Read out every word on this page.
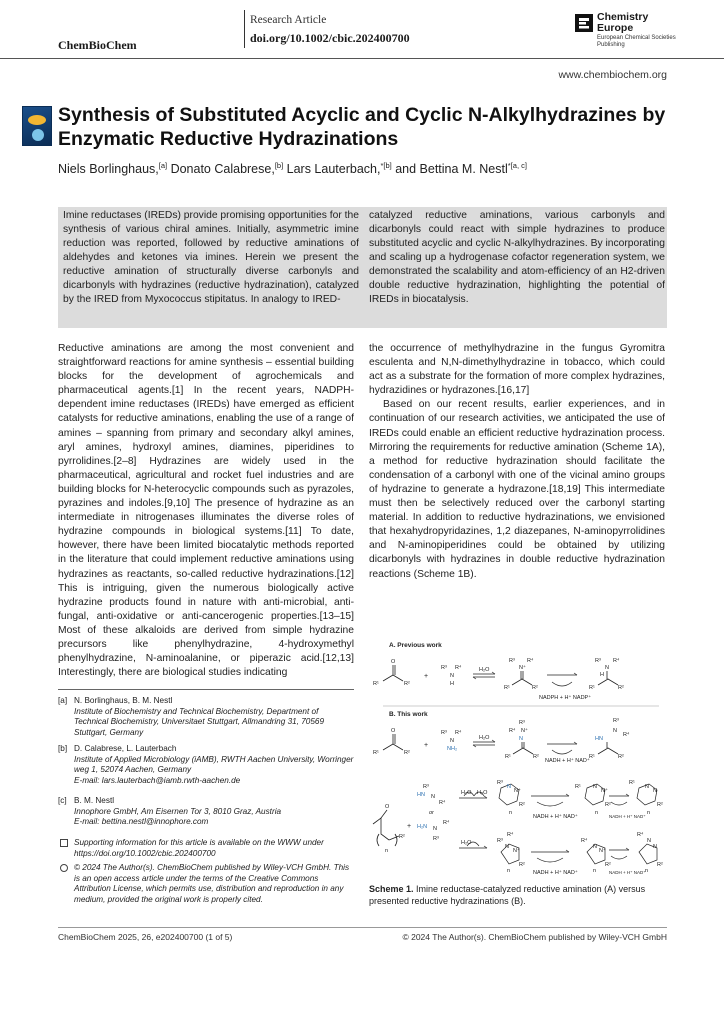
ChemBioChem
Research Article
doi.org/10.1002/cbic.202400700
Chemistry Europe
European Chemical Societies Publishing
www.chembiochem.org
Synthesis of Substituted Acyclic and Cyclic N-Alkylhydrazines by Enzymatic Reductive Hydrazinations
Niels Borlinghaus,[a] Donato Calabrese,[b] Lars Lauterbach,$^{*[b]}$ and Bettina M. Nestl$^{*[a, c]}$
Imine reductases (IREDs) provide promising opportunities for the synthesis of various chiral amines. Initially, asymmetric imine reduction was reported, followed by reductive aminations of aldehydes and ketones via imines. Herein we present the reductive amination of structurally diverse carbonyls and dicarbonyls with hydrazines (reductive hydrazination), catalyzed by the IRED from Myxococcus stipitatus. In analogy to IRED-
catalyzed reductive aminations, various carbonyls and dicarbonyls could react with simple hydrazines to produce substituted acyclic and cyclic N-alkylhydrazines. By incorporating and scaling up a hydrogenase cofactor regeneration system, we demonstrated the scalability and atom-efficiency of an H2-driven double reductive hydrazination, highlighting the potential of IREDs in biocatalysis.

Reductive aminations are among the most convenient and straightforward reactions for amine synthesis – essential building blocks for the development of agrochemicals and pharmaceutical agents.[1] In the recent years, NADPH-dependent imine reductases (IREDs) have emerged as efficient catalysts for reductive aminations, enabling the use of a range of amines – spanning from primary and secondary alkyl amines, aryl amines, hydroxyl amines, diamines, piperidines to pyrrolidines.[2–8] Hydrazines are widely used in the pharmaceutical, agricultural and rocket fuel industries and are building blocks for N-heterocyclic compounds such as pyrazoles, pyrazines and indoles.[9,10] The presence of hydrazine as an intermediate in nitrogenases illuminates the diverse roles of hydrazine compounds in biological systems.[11] To date, however, there have been limited biocatalytic methods reported in the literature that could implement reductive aminations using hydrazines as reactants, so-called reductive hydrazinations.[12] This is intriguing, given the numerous biologically active hydrazine products found in nature with anti-microbial, anti-fungal, anti-oxidative or anti-cancerogenic properties.[13–15] Most of these alkaloids are derived from simple hydrazine precursors like phenylhydrazine, 4-hydroxymethyl phenylhydrazine, N-aminoalanine, or piperazic acid.[12,13] Interestingly, there are biological studies indicating

the occurrence of methylhydrazine in the fungus Gyromitra esculenta and N,N-dimethylhydrazine in tobacco, which could act as a substrate for the formation of more complex hydrazines, hydrazidines or hydrazones.[16,17]

Based on our recent results, earlier experiences, and in continuation of our research activities, we anticipated the use of IREDs could enable an efficient reductive hydrazination process. Mirroring the requirements for reductive amination (Scheme 1A), a method for reductive hydrazination should facilitate the condensation of a carbonyl with one of the vicinal amino groups of hydrazine to generate a hydrazone.[18,19] This intermediate must then be selectively reduced over the carbonyl starting material. In addition to reductive hydrazinations, we envisioned that hexahydropyridazines, 1,2 diazepanes, N-aminopyrrolidines and N-aminopiperidines could be obtained by utilizing dicarbonyls with hydrazines in double reductive hydrazination reactions (Scheme 1B).

[a] N. Borlinghaus, B. M. Nestl
Institute of Biochemistry and Technical Biochemistry, Department of Technical Biochemistry, Universitaet Stuttgart, Allmandring 31, 70569 Stuttgart, Germany
[b] D. Calabrese, L. Lauterbach
Institute of Applied Microbiology (iAMB), RWTH Aachen University, Worringer weg 1, 52074 Aachen, Germany
E-mail: lars.lauterbach@iamb.rwth-aachen.de
[c] B. M. Nestl
Innophore GmbH, Am Eisernen Tor 3, 8010 Graz, Austria
E-mail: bettina.nestl@innophore.com
Supporting information for this article is available on the WWW under https://doi.org/10.1002/cbic.202400700
© 2024 The Author(s). ChemBioChem published by Wiley-VCH GmbH. This is an open access article under the terms of the Creative Commons Attribution License, which permits use, distribution and reproduction in any medium, provided the original work is properly cited.
A. Previous work
O
R¹	R²
+
R³ R⁴
N
H
H₂O
R³ R⁴
N⁺
R¹	R²
NADPH + H⁺ NADP⁺
R³ R⁴
N
R¹	R²
H
B. This work
O
R¹	R²
+
R³ R⁴
N
NH₂
H₂O
R³
R⁴ N⁺
N
R¹	R²
NADH + H⁺ NAD⁺
R³
N
R⁴
HN
R¹	R²
O
R²
n
+
R³
HN N
R⁴
or
H₂N N
R⁴
R³
H₂O H₂O
R³
N
N⁺
R²
n
NADH + H⁺ NAD⁺
R¹ N
N⁺
R²
n
NADH + H⁺ NAD⁺
R¹
N
N
R²
n
H₂O
R⁴
R³
N
N⁺
R²
n	NADH + H⁺ NAD⁺
R⁴
N
N⁺
R²
n	NADH + H⁺ NAD⁺
R⁴
N
N
R²
n
Scheme 1. Imine reductase-catalyzed reductive amination (A) versus presented reductive hydrazinations (B).
ChemBioChem 2025, 26, e202400700 (1 of 5)	© 2024 The Author(s). ChemBioChem published by Wiley-VCH GmbH
